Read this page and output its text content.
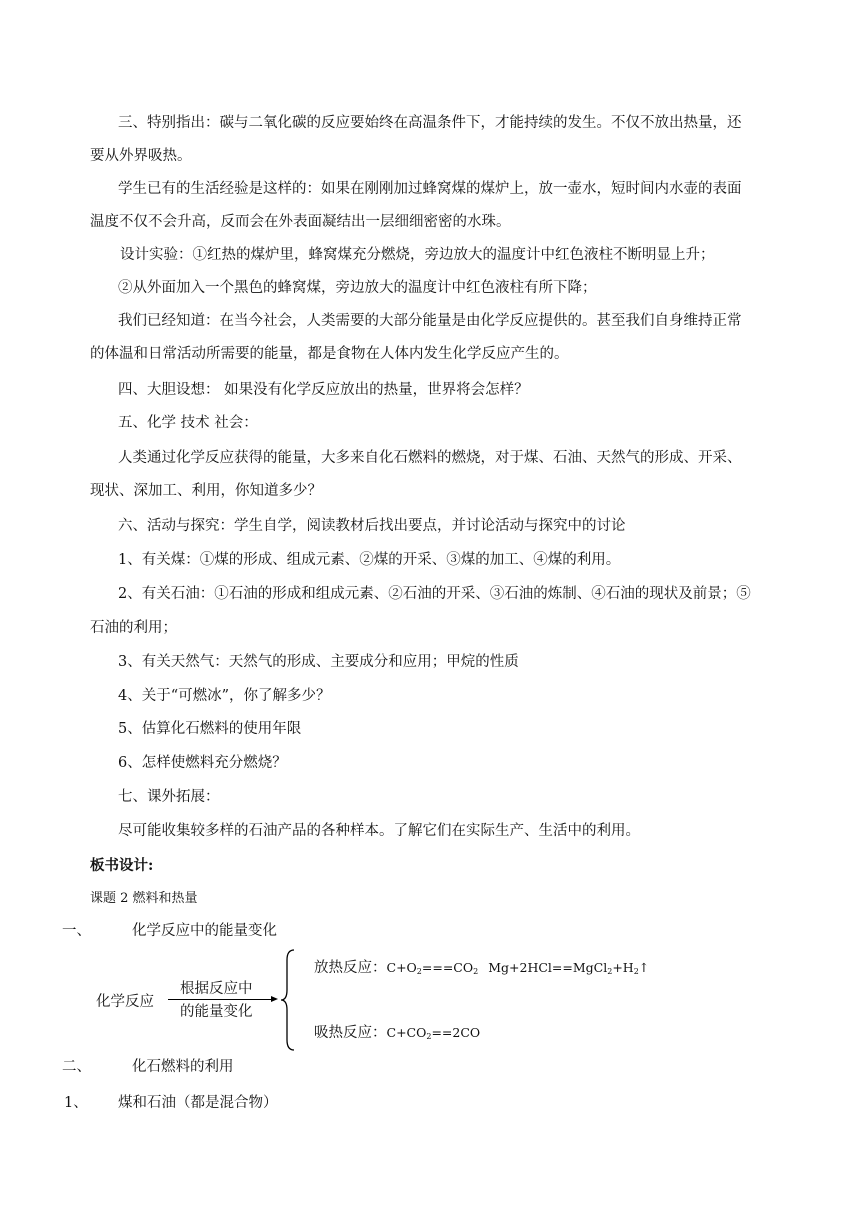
三、特别指出：碳与二氧化碳的反应要始终在高温条件下，才能持续的发生。不仅不放出热量，还
要从外界吸热。
学生已有的生活经验是这样的：如果在刚刚加过蜂窝煤的煤炉上，放一壶水，短时间内水壶的表面
温度不仅不会升高，反而会在外表面凝结出一层细细密密的水珠。
设计实验：①红热的煤炉里，蜂窝煤充分燃烧，旁边放大的温度计中红色液柱不断明显上升；
②从外面加入一个黑色的蜂窝煤，旁边放大的温度计中红色液柱有所下降；
我们已经知道：在当今社会，人类需要的大部分能量是由化学反应提供的。甚至我们自身维持正常
的体温和日常活动所需要的能量，都是食物在人体内发生化学反应产生的。
四、大胆设想： 如果没有化学反应放出的热量，世界将会怎样？
五、化学 技术 社会：
人类通过化学反应获得的能量，大多来自化石燃料的燃烧，对于煤、石油、天然气的形成、开采、
现状、深加工、利用，你知道多少？
六、活动与探究：学生自学，阅读教材后找出要点，并讨论活动与探究中的讨论
1、有关煤：①煤的形成、组成元素、②煤的开采、③煤的加工、④煤的利用。
2、有关石油：①石油的形成和组成元素、②石油的开采、③石油的炼制、④石油的现状及前景；⑤
石油的利用；
3、有关天然气：天然气的形成、主要成分和应用；甲烷的性质
4、关于“可燃冰”，你了解多少？
5、估算化石燃料的使用年限
6、怎样使燃料充分燃烧？
七、课外拓展：
尽可能收集较多样的石油产品的各种样本。了解它们在实际生产、生活中的利用。
板书设计:
课题 2 燃料和热量
一、	化学反应中的能量变化
化学反应
根据反应中
的能量变化
放热反应：$C+O_2===CO_2$ $Mg+2HCl==MgCl_2+H_2↑$
吸热反应：$C+CO_2==2CO$
二、	化石燃料的利用
1、 煤和石油（都是混合物）
